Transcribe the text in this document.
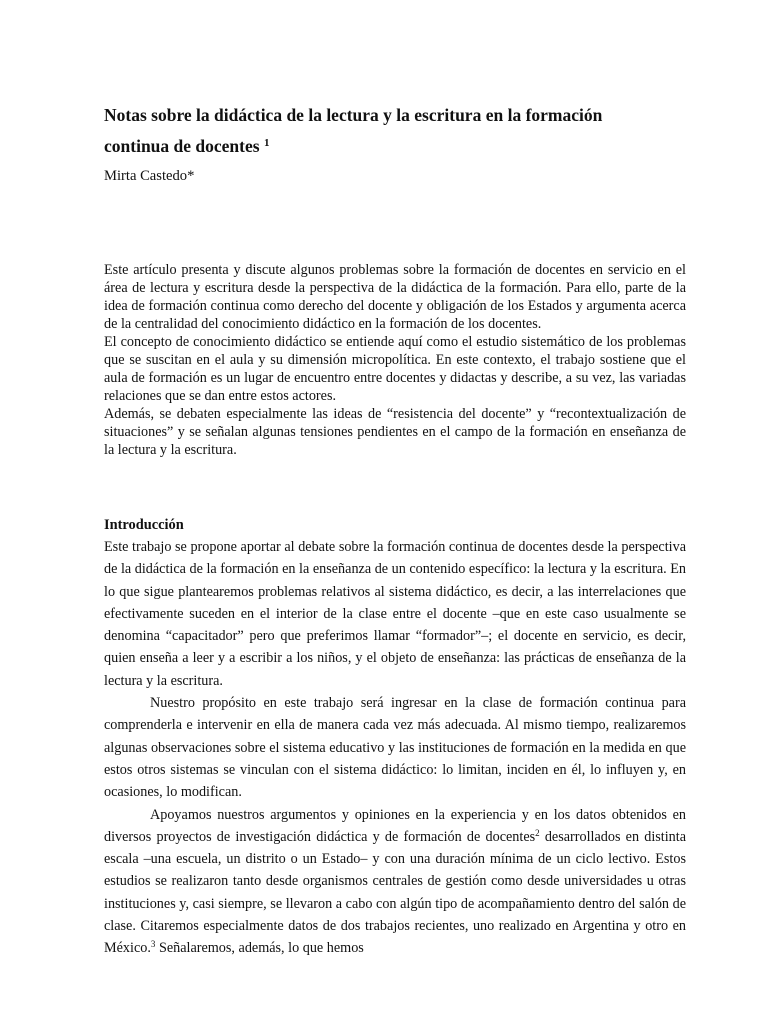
Notas sobre la didáctica de la lectura y la escritura en la formación
continua de docentes $^1$
Mirta Castedo*

Este artículo presenta y discute algunos problemas sobre la formación de docentes en servicio en el área de lectura y escritura desde la perspectiva de la didáctica de la formación. Para ello, parte de la idea de formación continua como derecho del docente y obligación de los Estados y argumenta acerca de la centralidad del conocimiento didáctico en la formación de los docentes.

El concepto de conocimiento didáctico se entiende aquí como el estudio sistemático de los problemas que se suscitan en el aula y su dimensión micropolítica. En este contexto, el trabajo sostiene que el aula de formación es un lugar de encuentro entre docentes y didactas y describe, a su vez, las variadas relaciones que se dan entre estos actores.

Además, se debaten especialmente las ideas de “resistencia del docente” y “recontextualización de situaciones” y se señalan algunas tensiones pendientes en el campo de la formación en enseñanza de la lectura y la escritura.

Introducción

Este trabajo se propone aportar al debate sobre la formación continua de docentes desde la perspectiva de la didáctica de la formación en la enseñanza de un contenido específico: la lectura y la escritura. En lo que sigue plantearemos problemas relativos al sistema didáctico, es decir, a las interrelaciones que efectivamente suceden en el interior de la clase entre el docente –que en este caso usualmente se denomina “capacitador” pero que preferimos llamar “formador”–; el docente en servicio, es decir, quien enseña a leer y a escribir a los niños, y el objeto de enseñanza: las prácticas de enseñanza de la lectura y la escritura.

Nuestro propósito en este trabajo será ingresar en la clase de formación continua para comprenderla e intervenir en ella de manera cada vez más adecuada. Al mismo tiempo, realizaremos algunas observaciones sobre el sistema educativo y las instituciones de formación en la medida en que estos otros sistemas se vinculan con el sistema didáctico: lo limitan, inciden en él, lo influyen y, en ocasiones, lo modifican.

Apoyamos nuestros argumentos y opiniones en la experiencia y en los datos obtenidos en diversos proyectos de investigación didáctica y de formación de docentes$^2$ desarrollados en distinta escala –una escuela, un distrito o un Estado– y con una duración mínima de un ciclo lectivo. Estos estudios se realizaron tanto desde organismos centrales de gestión como desde universidades u otras instituciones y, casi siempre, se llevaron a cabo con algún tipo de acompañamiento dentro del salón de clase. Citaremos especialmente datos de dos trabajos recientes, uno realizado en Argentina y otro en México.$^3$ Señalaremos, además, lo que hemos
